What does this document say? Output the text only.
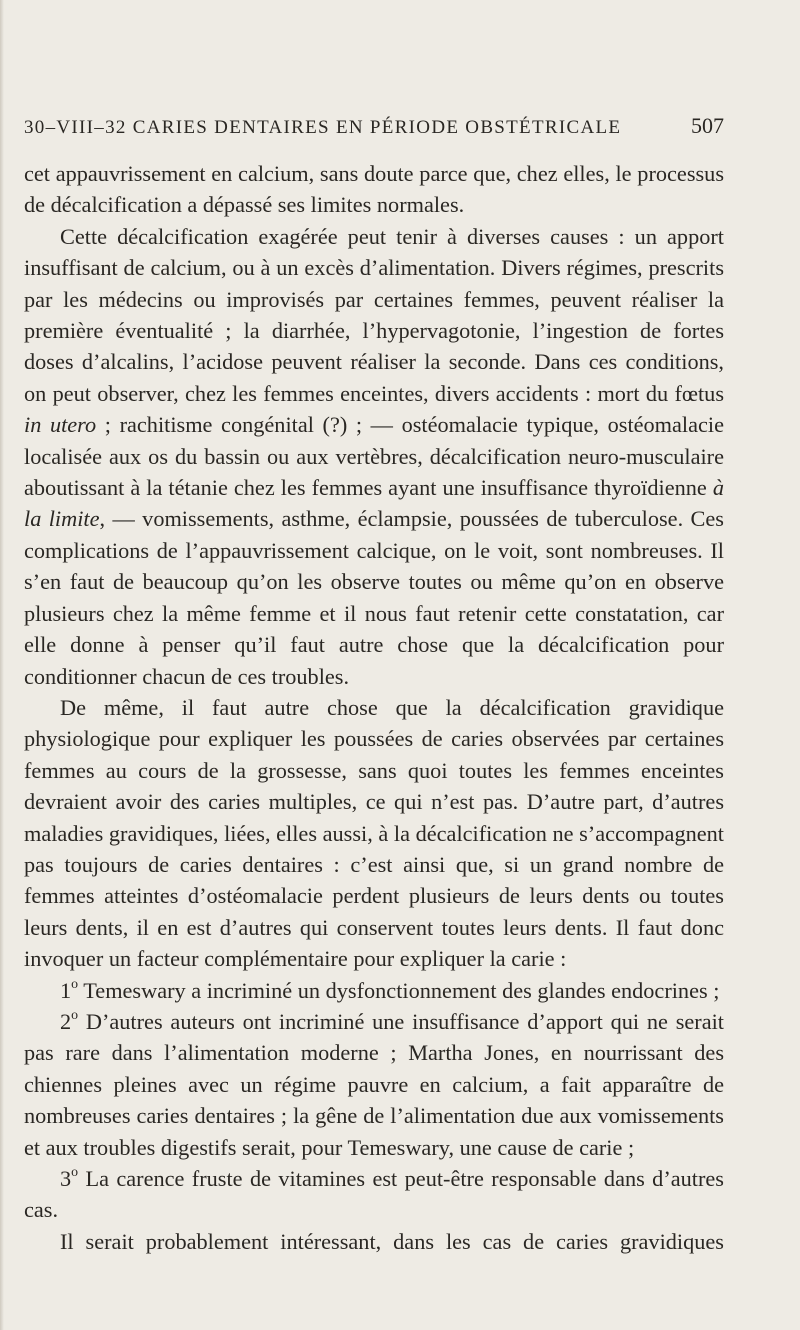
30–VIII–32 CARIES DENTAIRES EN PÉRIODE OBSTÉTRICALE	507

cet appauvrissement en calcium, sans doute parce que, chez elles, le processus de décalcification a dépassé ses limites normales.

Cette décalcification exagérée peut tenir à diverses causes : un apport insuffisant de calcium, ou à un excès d’alimentation. Divers régimes, prescrits par les médecins ou improvisés par certaines femmes, peuvent réaliser la première éventualité ; la diarrhée, l’hypervagotonie, l’ingestion de fortes doses d’alcalins, l’acidose peuvent réaliser la seconde. Dans ces conditions, on peut observer, chez les femmes enceintes, divers accidents : mort du fœtus in utero ; rachitisme congénital (?) ; — ostéomalacie typique, ostéomalacie localisée aux os du bassin ou aux vertèbres, décalcification neuro-musculaire aboutissant à la tétanie chez les femmes ayant une insuffisance thyroïdienne à la limite, — vomissements, asthme, éclampsie, poussées de tuberculose. Ces complications de l’appauvrissement calcique, on le voit, sont nombreuses. Il s’en faut de beaucoup qu’on les observe toutes ou même qu’on en observe plusieurs chez la même femme et il nous faut retenir cette constatation, car elle donne à penser qu’il faut autre chose que la décalcification pour conditionner chacun de ces troubles.

De même, il faut autre chose que la décalcification gravidique physiologique pour expliquer les poussées de caries observées par certaines femmes au cours de la grossesse, sans quoi toutes les femmes enceintes devraient avoir des caries multiples, ce qui n’est pas. D’autre part, d’autres maladies gravidiques, liées, elles aussi, à la décalcification ne s’accompagnent pas toujours de caries dentaires : c’est ainsi que, si un grand nombre de femmes atteintes d’ostéomalacie perdent plusieurs de leurs dents ou toutes leurs dents, il en est d’autres qui conservent toutes leurs dents. Il faut donc invoquer un facteur complémentaire pour expliquer la carie :

1$^o$ Temeswary a incriminé un dysfonctionnement des glandes endocrines ;

2$^o$ D’autres auteurs ont incriminé une insuffisance d’apport qui ne serait pas rare dans l’alimentation moderne ; Martha Jones, en nourrissant des chiennes pleines avec un régime pauvre en calcium, a fait apparaître de nombreuses caries dentaires ; la gêne de l’alimentation due aux vomissements et aux troubles digestifs serait, pour Temeswary, une cause de carie ;

3$^o$ La carence fruste de vitamines est peut-être responsable dans d’autres cas.

Il serait probablement intéressant, dans les cas de caries gravidiques
